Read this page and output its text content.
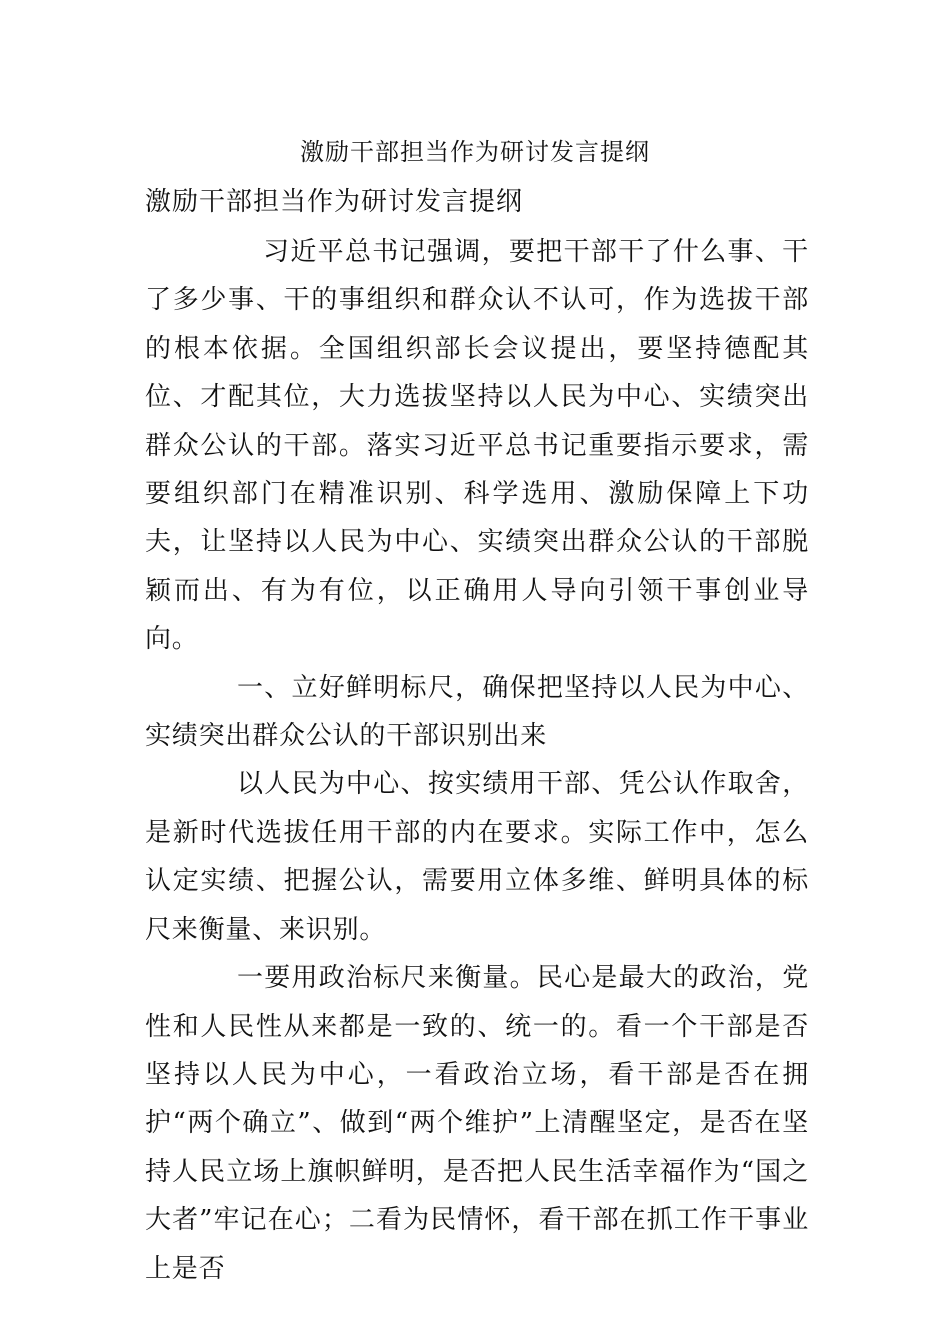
激励干部担当作为研讨发言提纲
激励干部担当作为研讨发言提纲

习近平总书记强调，要把干部干了什么事、干了多少事、干的事组织和群众认不认可，作为选拔干部的根本依据。全国组织部长会议提出，要坚持德配其位、才配其位，大力选拔坚持以人民为中心、实绩突出群众公认的干部。落实习近平总书记重要指示要求，需要组织部门在精准识别、科学选用、激励保障上下功夫，让坚持以人民为中心、实绩突出群众公认的干部脱颖而出、有为有位，以正确用人导向引领干事创业导向。

一、立好鲜明标尺，确保把坚持以人民为中心、实绩突出群众公认的干部识别出来

以人民为中心、按实绩用干部、凭公认作取舍，是新时代选拔任用干部的内在要求。实际工作中，怎么认定实绩、把握公认，需要用立体多维、鲜明具体的标尺来衡量、来识别。

一要用政治标尺来衡量。民心是最大的政治，党性和人民性从来都是一致的、统一的。看一个干部是否坚持以人民为中心，一看政治立场，看干部是否在拥护“两个确立”、做到“两个维护”上清醒坚定，是否在坚持人民立场上旗帜鲜明，是否把人民生活幸福作为“国之大者”牢记在心；二看为民情怀，看干部在抓工作干事业上是否
